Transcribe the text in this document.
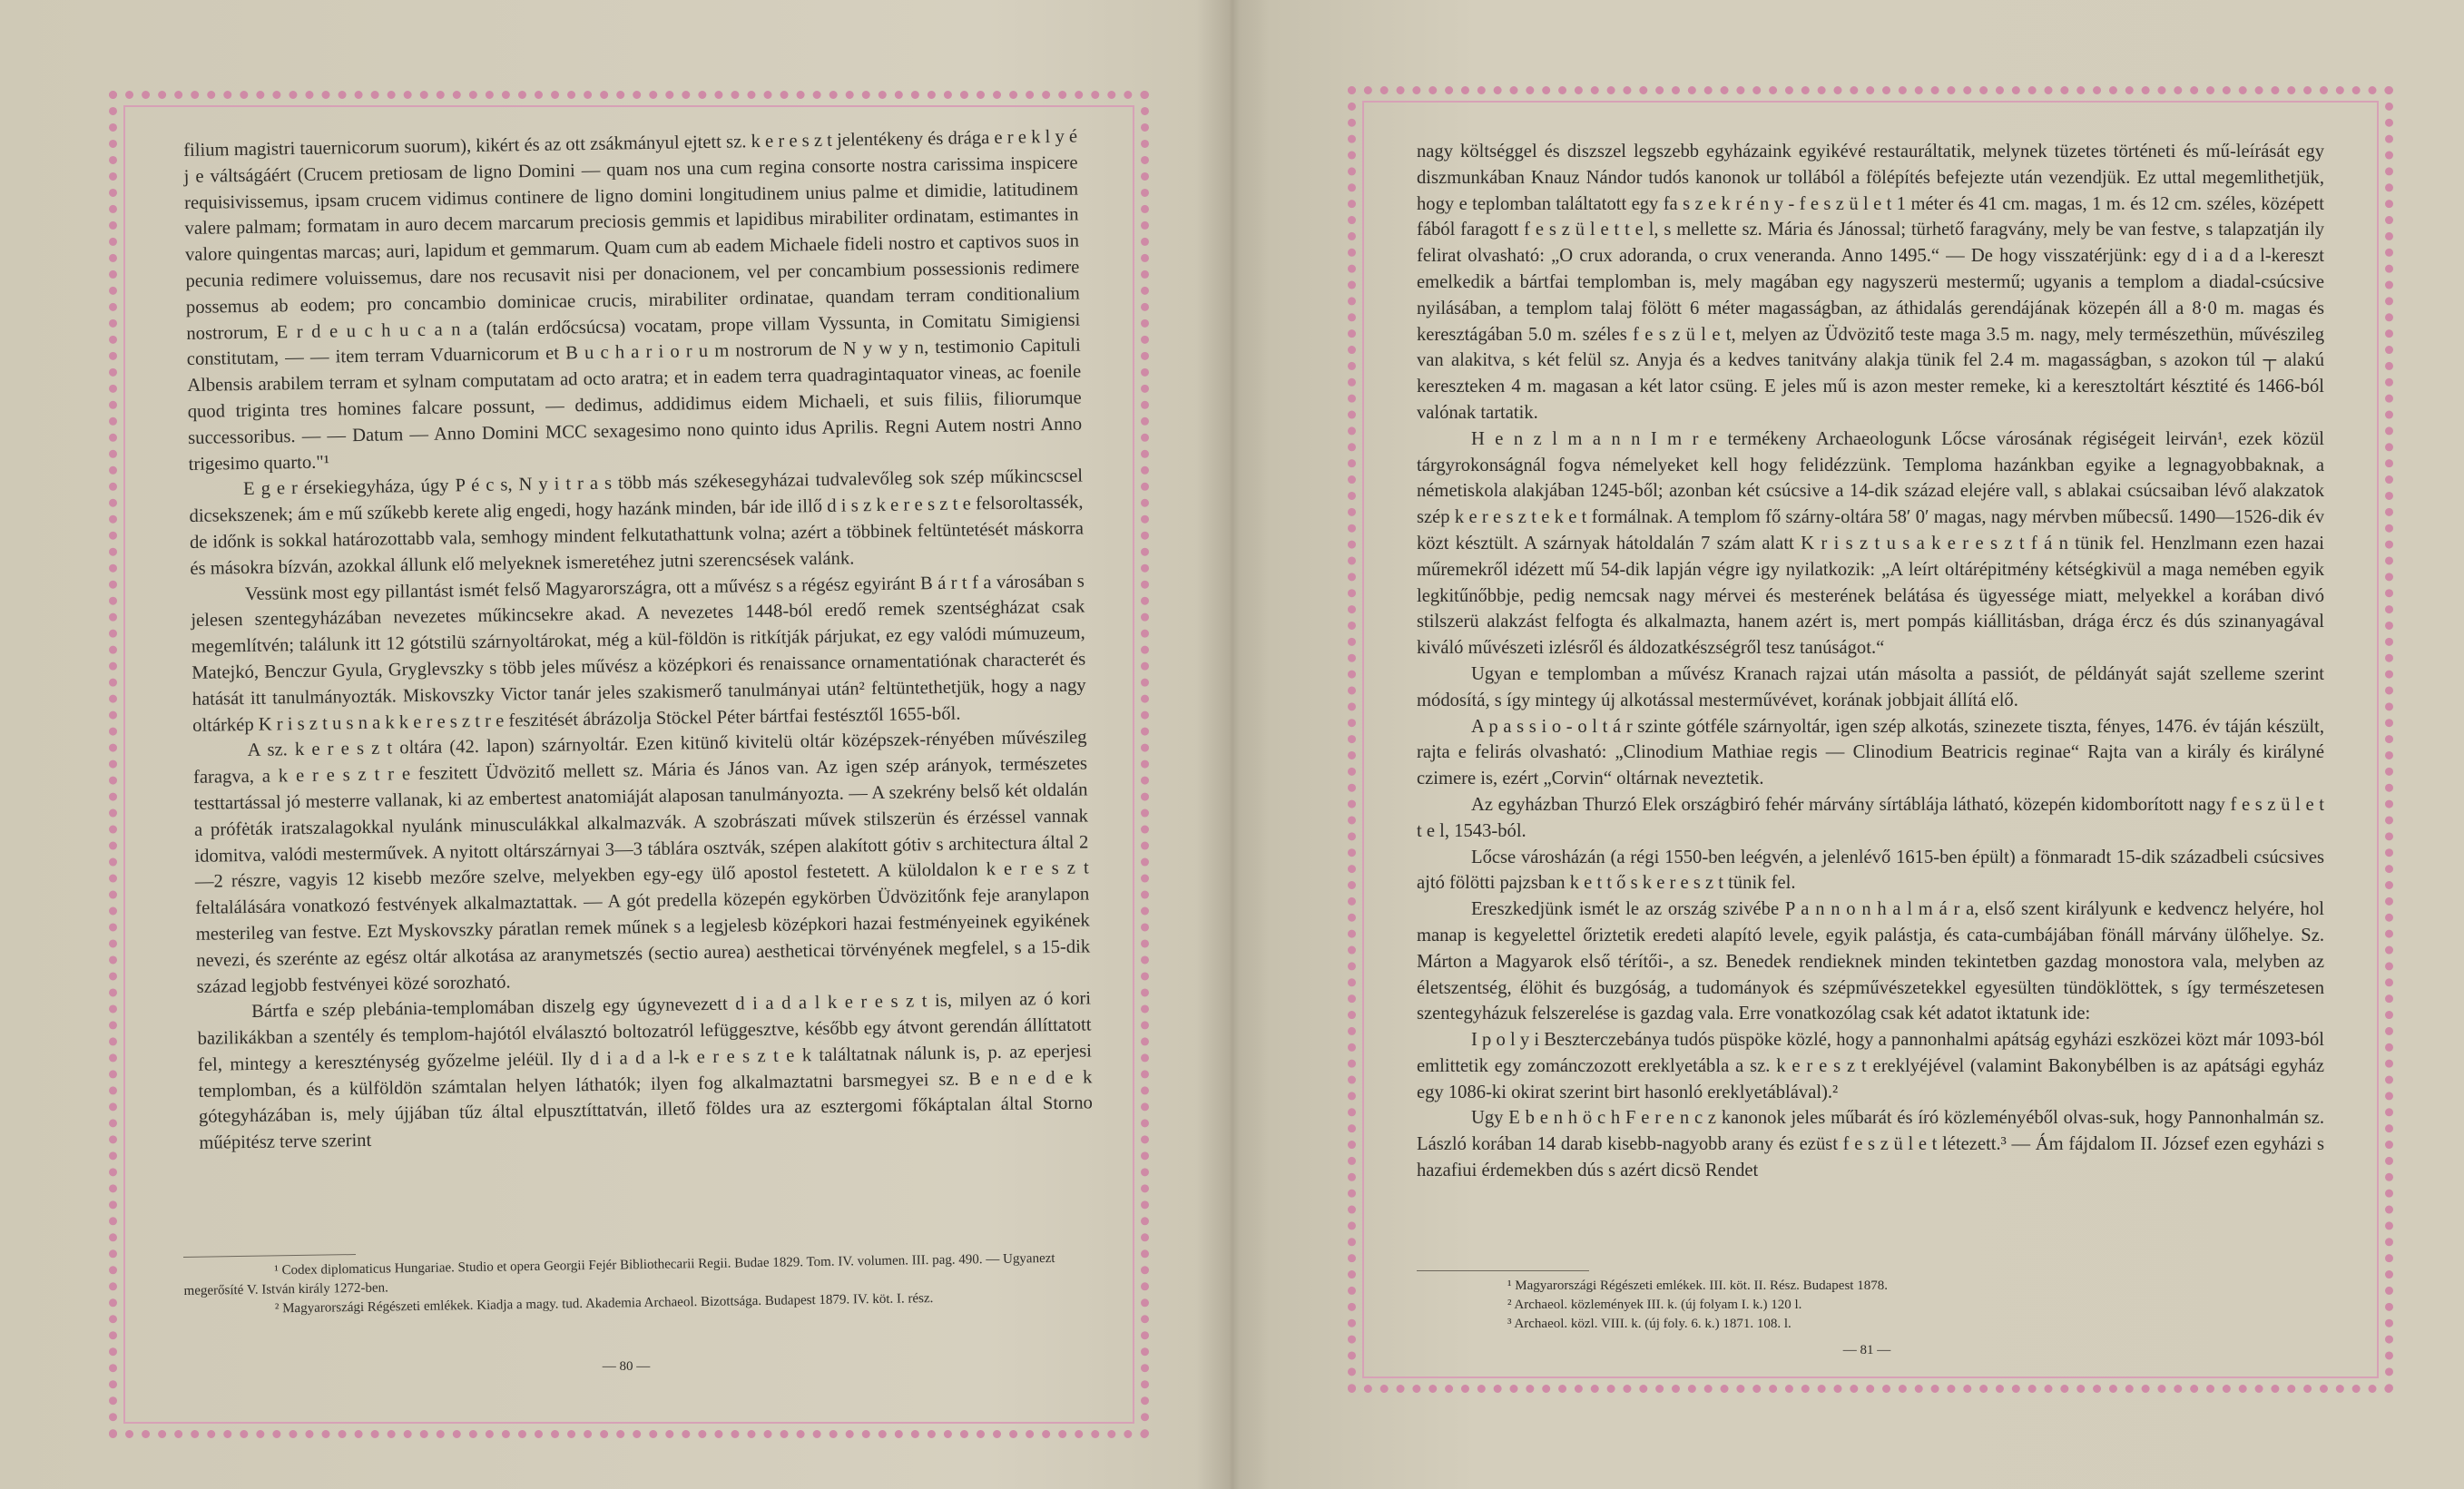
filium magistri tauernicorum suorum), kikért és az ott zsákmányul ejtett sz. k e r e s z t jelentékeny és drága e r e k l y é j e váltságáért (Crucem pretiosam de ligno Domini — quam nos una cum regina consorte nostra carissima inspicere requisivissemus, ipsam crucem vidimus continere de ligno domini longitudinem unius palme et dimidie, latitudinem valere palmam; formatam in auro decem marcarum preciosis gemmis et lapidibus mirabiliter ordinatam, estimantes in valore quingentas marcas; auri, lapidum et gemmarum. Quam cum ab eadem Michaele fideli nostro et captivos suos in pecunia redimere voluissemus, dare nos recusavit nisi per donacionem, vel per concambium possessionis redimere possemus ab eodem; pro concambio dominicae crucis, mirabiliter ordinatae, quandam terram conditionalium nostrorum, E r d e u c h u c a n a (talán erdőcsúcsa) vocatam, prope villam Vyssunta, in Comitatu Simigiensi constitutam, — — item terram Vduarnicorum et B u c h a r i o r u m nostrorum de N y w y n, testimonio Capituli Albensis arabilem terram et sylnam computatam ad octo aratra; et in eadem terra quadragintaquator vineas, ac foenile quod triginta tres homines falcare possunt, — dedimus, addidimus eidem Michaeli, et suis filiis, filiorumque successoribus. — — Datum — Anno Domini MCC sexagesimo nono quinto idus Aprilis. Regni Autem nostri Anno trigesimo quarto."¹

E g e r érsekiegyháza, úgy P é c s, N y i t r a s több más székesegyházai tudvalevőleg sok szép műkincscsel dicsekszenek; ám e mű szűkebb kerete alig engedi, hogy hazánk minden, bár ide illő d i s z k e r e s z t e felsoroltassék, de időnk is sokkal határozottabb vala, semhogy mindent felkutathattunk volna; azért a többinek feltüntetését máskorra és másokra bízván, azokkal állunk elő melyeknek ismeretéhez jutni szerencsések valánk.

Vessünk most egy pillantást ismét felső Magyarországra, ott a művész s a régész egyiránt B á r t f a városában s jelesen szentegyházában nevezetes műkincsekre akad. A nevezetes 1448-ból eredő remek szentségházat csak megemlítvén; találunk itt 12 gótstilü szárnyoltárokat, még a kül-földön is ritkítják párjukat, ez egy valódi múmuzeum, Matejkó, Benczur Gyula, Gryglevszky s több jeles művész a középkori és renaissance ornamentatiónak characterét és hatását itt tanulmányozták. Miskovszky Victor tanár jeles szakismerő tanulmányai után² feltüntethetjük, hogy a nagy oltárkép K r i s z t u s n a k k e r e s z t r e feszitését ábrázolja Stöckel Péter bártfai festésztől 1655-ből.

A sz. k e r e s z t oltára (42. lapon) szárnyoltár. Ezen kitünő kivitelü oltár középszek-rényében művészileg faragva, a k e r e s z t r e feszitett Üdvözitő mellett sz. Mária és János van. Az igen szép arányok, természetes testtartással jó mesterre vallanak, ki az embertest anatomiáját alaposan tanulmányozta. — A szekrény belső két oldalán a prófėták iratszalagokkal nyulánk minusculákkal alkalmazvák. A szobrászati művek stilszerün és érzéssel vannak idomitva, valódi mesterművek. A nyitott oltárszárnyai 3—3 táblára osztvák, szépen alakított gótiv s architectura által 2—2 részre, vagyis 12 kisebb mezőre szelve, melyekben egy-egy ülő apostol festetett. A küloldalon k e r e s z t feltalálására vonatkozó festvények alkalmaztattak. — A gót predella közepén egykörben Üdvözitőnk feje aranylapon mesterileg van festve. Ezt Myskovszky páratlan remek műnek s a legjelesb középkori hazai festményeinek egyikének nevezi, és szerénte az egész oltár alkotása az aranymetszés (sectio aurea) aestheticai törvényének megfelel, s a 15-dik század legjobb festvényei közé sorozható.

Bártfa e szép plebánia-templomában diszelg egy úgynevezett d i a d a l k e r e s z t is, milyen az ó kori bazilikákban a szentély és templom-hajótól elválasztó boltozatról lefüggesztve, később egy átvont gerendán állíttatott fel, mintegy a kereszténység győzelme jeléül. Ily d i a d a l-k e r e s z t e k találtatnak nálunk is, p. az eperjesi templomban, és a külföldön számtalan helyen láthatók; ilyen fog alkalmaztatni barsmegyei sz. B e n e d e k gótegyházában is, mely újjában tűz által elpusztíttatván, illető földes ura az esztergomi főkáptalan által Storno műépitész terve szerint

¹ Codex diplomaticus Hungariae. Studio et opera Georgii Fejér Bibliothecarii Regii. Budae 1829. Tom. IV. volumen. III. pag. 490. — Ugyanezt megerősíté V. István király 1272-ben.

² Magyarországi Régészeti emlékek. Kiadja a magy. tud. Akademia Archaeol. Bizottsága. Budapest 1879. IV. köt. I. rész.

— 80 —

nagy költséggel és diszszel legszebb egyházaink egyikévé restauráltatik, melynek tüzetes történeti és mű-leírását egy diszmunkában Knauz Nándor tudós kanonok ur tollából a fölépítés befejezte után vezendjük. Ez uttal megemlithetjük, hogy e teplomban találtatott egy fa s z e k r é n y - f e s z ü l e t 1 méter és 41 cm. magas, 1 m. és 12 cm. széles, középett fából faragott f e s z ü l e t t e l, s mellette sz. Mária és Jánossal; türhető faragvány, mely be van festve, s talapzatján ily felirat olvasható: „O crux adoranda, o crux veneranda. Anno 1495.“ — De hogy visszatérjünk: egy d i a d a l-kereszt emelkedik a bártfai templomban is, mely magában egy nagyszerü mestermű; ugyanis a templom a diadal-csúcsive nyilásában, a templom talaj fölött 6 méter magasságban, az áthidalás gerendájának közepén áll a 8·0 m. magas és keresztágában 5.0 m. széles f e s z ü l e t, melyen az Üdvözitő teste maga 3.5 m. nagy, mely természethün, művészileg van alakitva, s két felül sz. Anyja és a kedves tanitvány alakja tünik fel 2.4 m. magasságban, s azokon túl ┬ alakú kereszteken 4 m. magasan a két lator csüng. E jeles mű is azon mester remeke, ki a keresztoltárt késztité és 1466-ból valónak tartatik.

H e n z l m a n n I m r e termékeny Archaeologunk Lőcse városának régiségeit leirván¹, ezek közül tárgyrokonságnál fogva némelyeket kell hogy felidézzünk. Temploma hazánkban egyike a legnagyobbaknak, a németiskola alakjában 1245-ből; azonban két csúcsive a 14-dik század elejére vall, s ablakai csúcsaiban lévő alakzatok szép k e r e s z t e k e t formálnak. A templom fő szárny-oltára 58′ 0′ magas, nagy mérvben műbecsű. 1490—1526-dik év közt késztült. A szárnyak hátoldalán 7 szám alatt K r i s z t u s a k e r e s z t f á n tünik fel. Henzlmann ezen hazai műremekről idézett mű 54-dik lapján végre igy nyilatkozik: „A leírt oltárépitmény kétségkivül a maga nemében egyik legkitűnőbbje, pedig nemcsak nagy mérvei és mesterének belátása és ügyessége miatt, melyekkel a korában divó stilszerü alakzást felfogta és alkalmazta, hanem azért is, mert pompás kiállitásban, drága ércz és dús szinanyagával kiváló művészeti izlésről és áldozatkészségről tesz tanúságot.“

Ugyan e templomban a művész Kranach rajzai után másolta a passiót, de példányát saját szelleme szerint módosítá, s így mintegy új alkotással mesterművévet, korának jobbjait állítá elő.

A p a s s i o - o l t á r szinte gótféle szárnyoltár, igen szép alkotás, szinezete tiszta, fényes, 1476. év táján készült, rajta e felirás olvasható: „Clinodium Mathiae regis — Clinodium Beatricis reginae“ Rajta van a király és királyné czimere is, ezért „Corvin“ oltárnak neveztetik.

Az egyházban Thurzó Elek országbiró fehér márvány sírtáblája látható, közepén kidomborított nagy f e s z ü l e t t e l, 1543-ból.

Lőcse városházán (a régi 1550-ben leégvén, a jelenlévő 1615-ben épült) a fönmaradt 15-dik századbeli csúcsives ajtó fölötti pajzsban k e t t ő s k e r e s z t tünik fel.

Ereszkedjünk ismét le az ország szivébe P a n n o n h a l m á r a, első szent királyunk e kedvencz helyére, hol manap is kegyelettel őriztetik eredeti alapító levele, egyik palástja, és cata-cumbájában fönáll márvány ülőhelye. Sz. Márton a Magyarok első térítői-, a sz. Benedek rendieknek minden tekintetben gazdag monostora vala, melyben az életszentség, élöhit és buzgóság, a tudományok és szépművészetekkel egyesülten tündöklöttek, s így természetesen szentegyházuk felszerelése is gazdag vala. Erre vonatkozólag csak két adatot iktatunk ide:

I p o l y i Beszterczebánya tudós püspöke közlé, hogy a pannonhalmi apátság egyházi eszközei közt már 1093-ból emlittetik egy zománczozott ereklyetábla a sz. k e r e s z t ereklyéjével (valamint Bakonybélben is az apátsági egyház egy 1086-ki okirat szerint birt hasonló ereklyetáblával).²

Ugy E b e n h ö c h F e r e n c z kanonok jeles műbarát és író közleményéből olvas-suk, hogy Pannonhalmán sz. László korában 14 darab kisebb-nagyobb arany és ezüst f e s z ü l e t létezett.³ — Ám fájdalom II. József ezen egyházi s hazafiui érdemekben dús s azért dicsö Rendet

¹ Magyarországi Régészeti emlékek. III. köt. II. Rész. Budapest 1878.

² Archaeol. közlemények III. k. (új folyam I. k.) 120 l.

³ Archaeol. közl. VIII. k. (új foly. 6. k.) 1871. 108. l.

— 81 —
